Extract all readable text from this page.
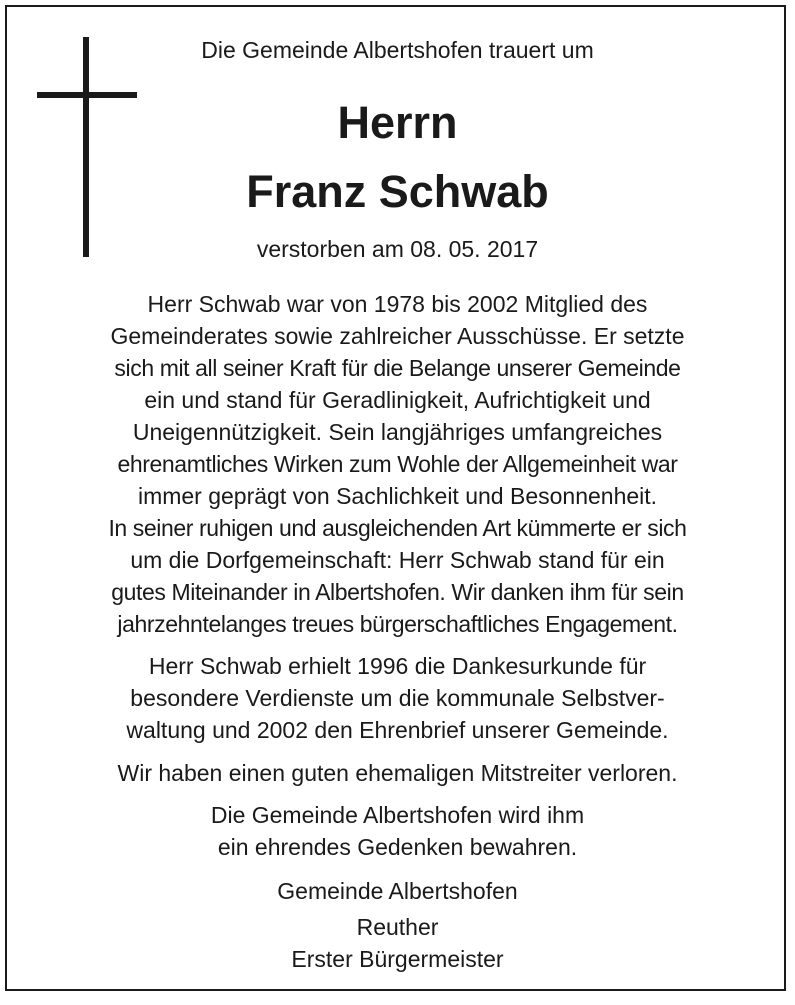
Die Gemeinde Albertshofen trauert um
Herrn
Franz Schwab
verstorben am 08. 05. 2017
Herr Schwab war von 1978 bis 2002 Mitglied des
Gemeinderates sowie zahlreicher Ausschüsse. Er setzte
sich mit all seiner Kraft für die Belange unserer Gemeinde
ein und stand für Geradlinigkeit, Aufrichtigkeit und
Uneigennützigkeit. Sein langjähriges umfangreiches
ehrenamtliches Wirken zum Wohle der Allgemeinheit war
immer geprägt von Sachlichkeit und Besonnenheit.
In seiner ruhigen und ausgleichenden Art kümmerte er sich
um die Dorfgemeinschaft: Herr Schwab stand für ein
gutes Miteinander in Albertshofen. Wir danken ihm für sein
jahrzehntelanges treues bürgerschaftliches Engagement.
Herr Schwab erhielt 1996 die Dankesurkunde für
besondere Verdienste um die kommunale Selbstver-
waltung und 2002 den Ehrenbrief unserer Gemeinde.
Wir haben einen guten ehemaligen Mitstreiter verloren.
Die Gemeinde Albertshofen wird ihm
ein ehrendes Gedenken bewahren.
Gemeinde Albertshofen
Reuther
Erster Bürgermeister
